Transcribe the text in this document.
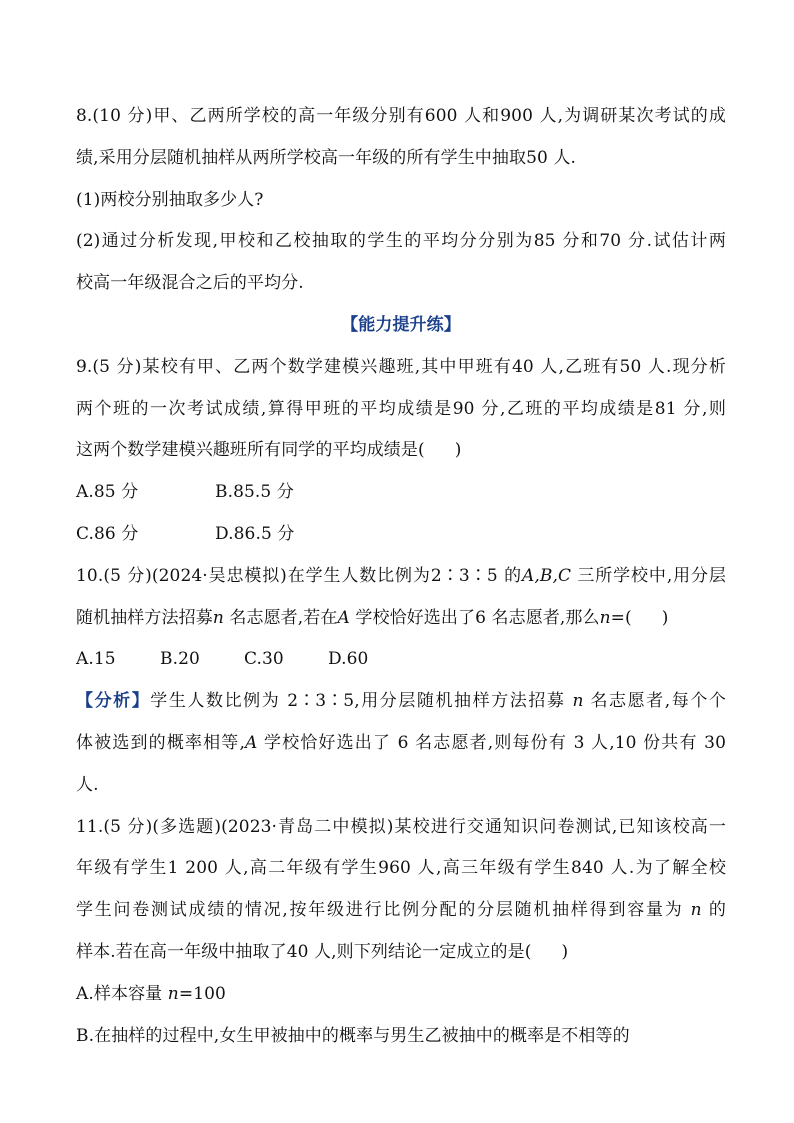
8.(10 分)甲、乙两所学校的高一年级分别有600 人和900 人,为调研某次考试的成
绩,采用分层随机抽样从两所学校高一年级的所有学生中抽取50 人.
(1)两校分别抽取多少人?
(2)通过分析发现,甲校和乙校抽取的学生的平均分分别为85 分和70 分.试估计两
校高一年级混合之后的平均分.
【能力提升练】
9.(5 分)某校有甲、乙两个数学建模兴趣班,其中甲班有40 人,乙班有50 人.现分析
两个班的一次考试成绩,算得甲班的平均成绩是90 分,乙班的平均成绩是81 分,则
这两个数学建模兴趣班所有同学的平均成绩是( )
A.85 分	B.85.5 分
C.86 分	D.86.5 分
10.(5 分)(2024·吴忠模拟)在学生人数比例为2∶3∶5 的A,B,C 三所学校中,用分层
随机抽样方法招募n 名志愿者,若在A 学校恰好选出了6 名志愿者,那么n=( )
A.15	B.20	C.30	D.60
【分析】学生人数比例为 2∶3∶5,用分层随机抽样方法招募 n 名志愿者,每个个
体被选到的概率相等,A 学校恰好选出了 6 名志愿者,则每份有 3 人,10 份共有 30
人.
11.(5 分)(多选题)(2023·青岛二中模拟)某校进行交通知识问卷测试,已知该校高一
年级有学生1 200 人,高二年级有学生960 人,高三年级有学生840 人.为了解全校
学生问卷测试成绩的情况,按年级进行比例分配的分层随机抽样得到容量为 n 的
样本.若在高一年级中抽取了40 人,则下列结论一定成立的是( )
A.样本容量 n=100
B.在抽样的过程中,女生甲被抽中的概率与男生乙被抽中的概率是不相等的
